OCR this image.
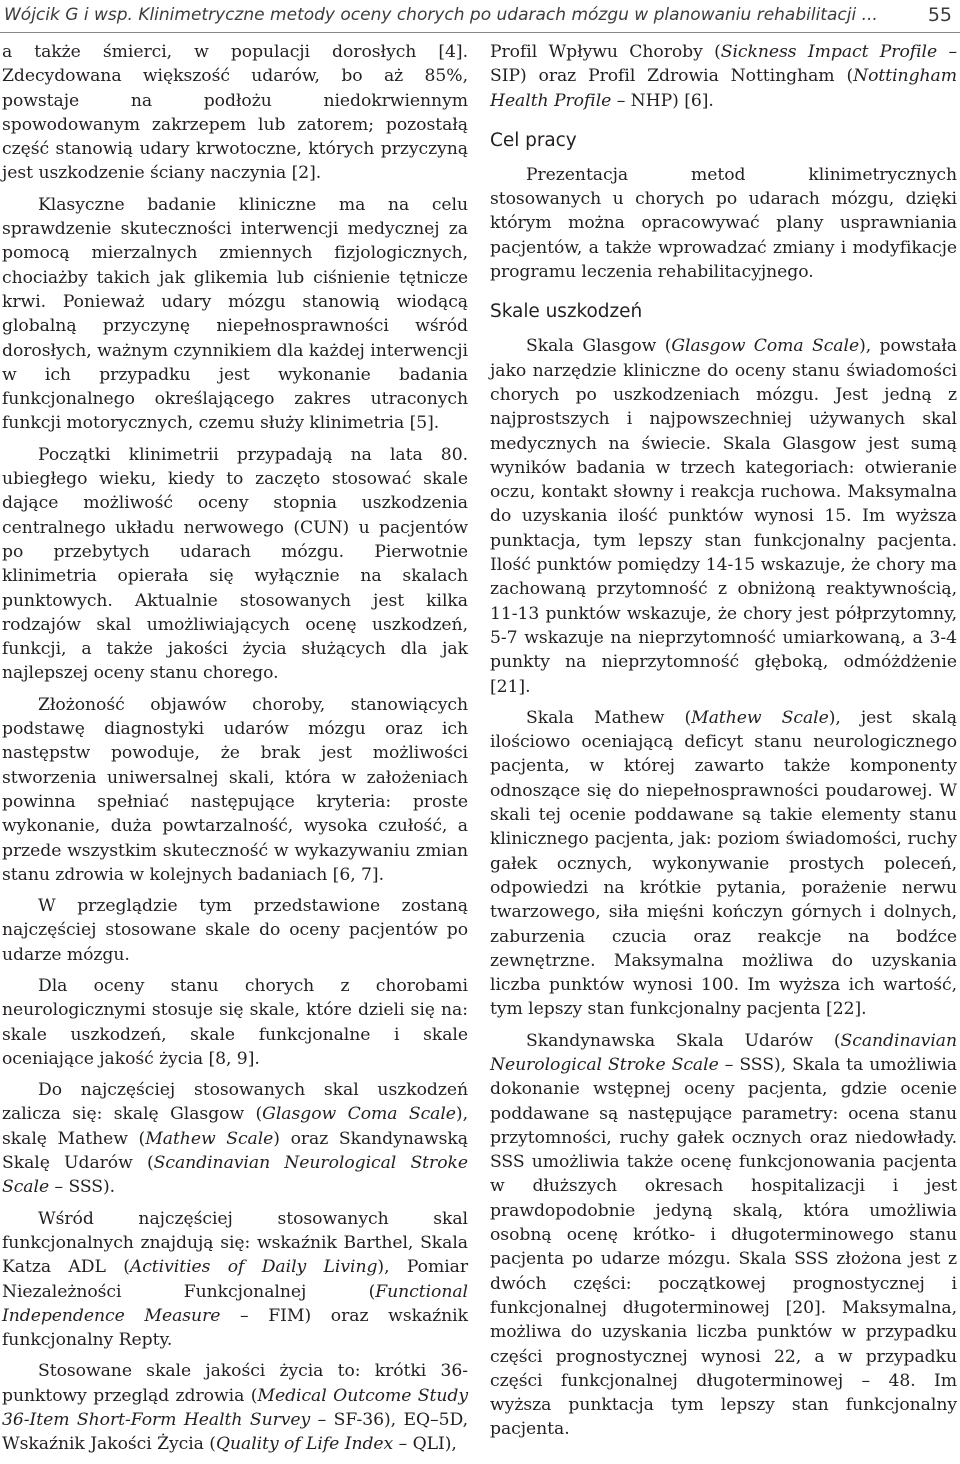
Wójcik G i wsp. Klinimetryczne metody oceny chorych po udarach mózgu w planowaniu rehabilitacji ...	55

a także śmierci, w populacji dorosłych [4]. Zdecydowana większość udarów, bo aż 85%, powstaje na podłożu niedokrwiennym spowodowanym zakrzepem lub zatorem; pozostałą część stanowią udary krwotoczne, których przyczyną jest uszkodzenie ściany naczynia [2].

Klasyczne badanie kliniczne ma na celu sprawdzenie skuteczności interwencji medycznej za pomocą mierzalnych zmiennych fizjologicznych, chociażby takich jak glikemia lub ciśnienie tętnicze krwi. Ponieważ udary mózgu stanowią wiodącą globalną przyczynę niepełnosprawności wśród dorosłych, ważnym czynnikiem dla każdej interwencji w ich przypadku jest wykonanie badania funkcjonalnego określającego zakres utraconych funkcji motorycznych, czemu służy klinimetria [5].

Początki klinimetrii przypadają na lata 80. ubiegłego wieku, kiedy to zaczęto stosować skale dające możliwość oceny stopnia uszkodzenia centralnego układu nerwowego (CUN) u pacjentów po przebytych udarach mózgu. Pierwotnie klinimetria opierała się wyłącznie na skalach punktowych. Aktualnie stosowanych jest kilka rodzajów skal umożliwiających ocenę uszkodzeń, funkcji, a także jakości życia służących dla jak najlepszej oceny stanu chorego.

Złożoność objawów choroby, stanowiących podstawę diagnostyki udarów mózgu oraz ich następstw powoduje, że brak jest możliwości stworzenia uniwersalnej skali, która w założeniach powinna spełniać następujące kryteria: proste wykonanie, duża powtarzalność, wysoka czułość, a przede wszystkim skuteczność w wykazywaniu zmian stanu zdrowia w kolejnych badaniach [6, 7].

W przeglądzie tym przedstawione zostaną najczęściej stosowane skale do oceny pacjentów po udarze mózgu.

Dla oceny stanu chorych z chorobami neurologicznymi stosuje się skale, które dzieli się na: skale uszkodzeń, skale funkcjonalne i skale oceniające jakość życia [8, 9].

Do najczęściej stosowanych skal uszkodzeń zalicza się: skalę Glasgow (Glasgow Coma Scale), skalę Mathew (Mathew Scale) oraz Skandynawską Skalę Udarów (Scandinavian Neurological Stroke Scale – SSS).

Wśród najczęściej stosowanych skal funkcjonalnych znajdują się: wskaźnik Barthel, Skala Katza ADL (Activities of Daily Living), Pomiar Niezależności Funkcjonalnej (Functional Independence Measure – FIM) oraz wskaźnik funkcjonalny Repty.

Stosowane skale jakości życia to: krótki 36-punktowy przegląd zdrowia (Medical Outcome Study 36-Item Short-Form Health Survey – SF-36), EQ–5D, Wskaźnik Jakości Życia (Quality of Life Index – QLI),

Profil Wpływu Choroby (Sickness Impact Profile – SIP) oraz Profil Zdrowia Nottingham (Nottingham Health Profile – NHP) [6].

Cel pracy

Prezentacja metod klinimetrycznych stosowanych u chorych po udarach mózgu, dzięki którym można opracowywać plany usprawniania pacjentów, a także wprowadzać zmiany i modyfikacje programu leczenia rehabilitacyjnego.

Skale uszkodzeń

Skala Glasgow (Glasgow Coma Scale), powstała jako narzędzie kliniczne do oceny stanu świadomości chorych po uszkodzeniach mózgu. Jest jedną z najprostszych i najpowszechniej używanych skal medycznych na świecie. Skala Glasgow jest sumą wyników badania w trzech kategoriach: otwieranie oczu, kontakt słowny i reakcja ruchowa. Maksymalna do uzyskania ilość punktów wynosi 15. Im wyższa punktacja, tym lepszy stan funkcjonalny pacjenta. Ilość punktów pomiędzy 14-15 wskazuje, że chory ma zachowaną przytomność z obniżoną reaktywnością, 11-13 punktów wskazuje, że chory jest półprzytomny, 5-7 wskazuje na nieprzytomność umiarkowaną, a 3-4 punkty na nieprzytomność głęboką, odmóżdżenie [21].

Skala Mathew (Mathew Scale), jest skalą ilościowo oceniającą deficyt stanu neurologicznego pacjenta, w której zawarto także komponenty odnoszące się do niepełnosprawności poudarowej. W skali tej ocenie poddawane są takie elementy stanu klinicznego pacjenta, jak: poziom świadomości, ruchy gałek ocznych, wykonywanie prostych poleceń, odpowiedzi na krótkie pytania, porażenie nerwu twarzowego, siła mięśni kończyn górnych i dolnych, zaburzenia czucia oraz reakcje na bodźce zewnętrzne. Maksymalna możliwa do uzyskania liczba punktów wynosi 100. Im wyższa ich wartość, tym lepszy stan funkcjonalny pacjenta [22].

Skandynawska Skala Udarów (Scandinavian Neurological Stroke Scale – SSS), Skala ta umożliwia dokonanie wstępnej oceny pacjenta, gdzie ocenie poddawane są następujące parametry: ocena stanu przytomności, ruchy gałek ocznych oraz niedowłady. SSS umożliwia także ocenę funkcjonowania pacjenta w dłuższych okresach hospitalizacji i jest prawdopodobnie jedyną skalą, która umożliwia osobną ocenę krótko- i długoterminowego stanu pacjenta po udarze mózgu. Skala SSS złożona jest z dwóch części: początkowej prognostycznej i funkcjonalnej długoterminowej [20]. Maksymalna, możliwa do uzyskania liczba punktów w przypadku części prognostycznej wynosi 22, a w przypadku części funkcjonalnej długoterminowej – 48. Im wyższa punktacja tym lepszy stan funkcjonalny pacjenta.
